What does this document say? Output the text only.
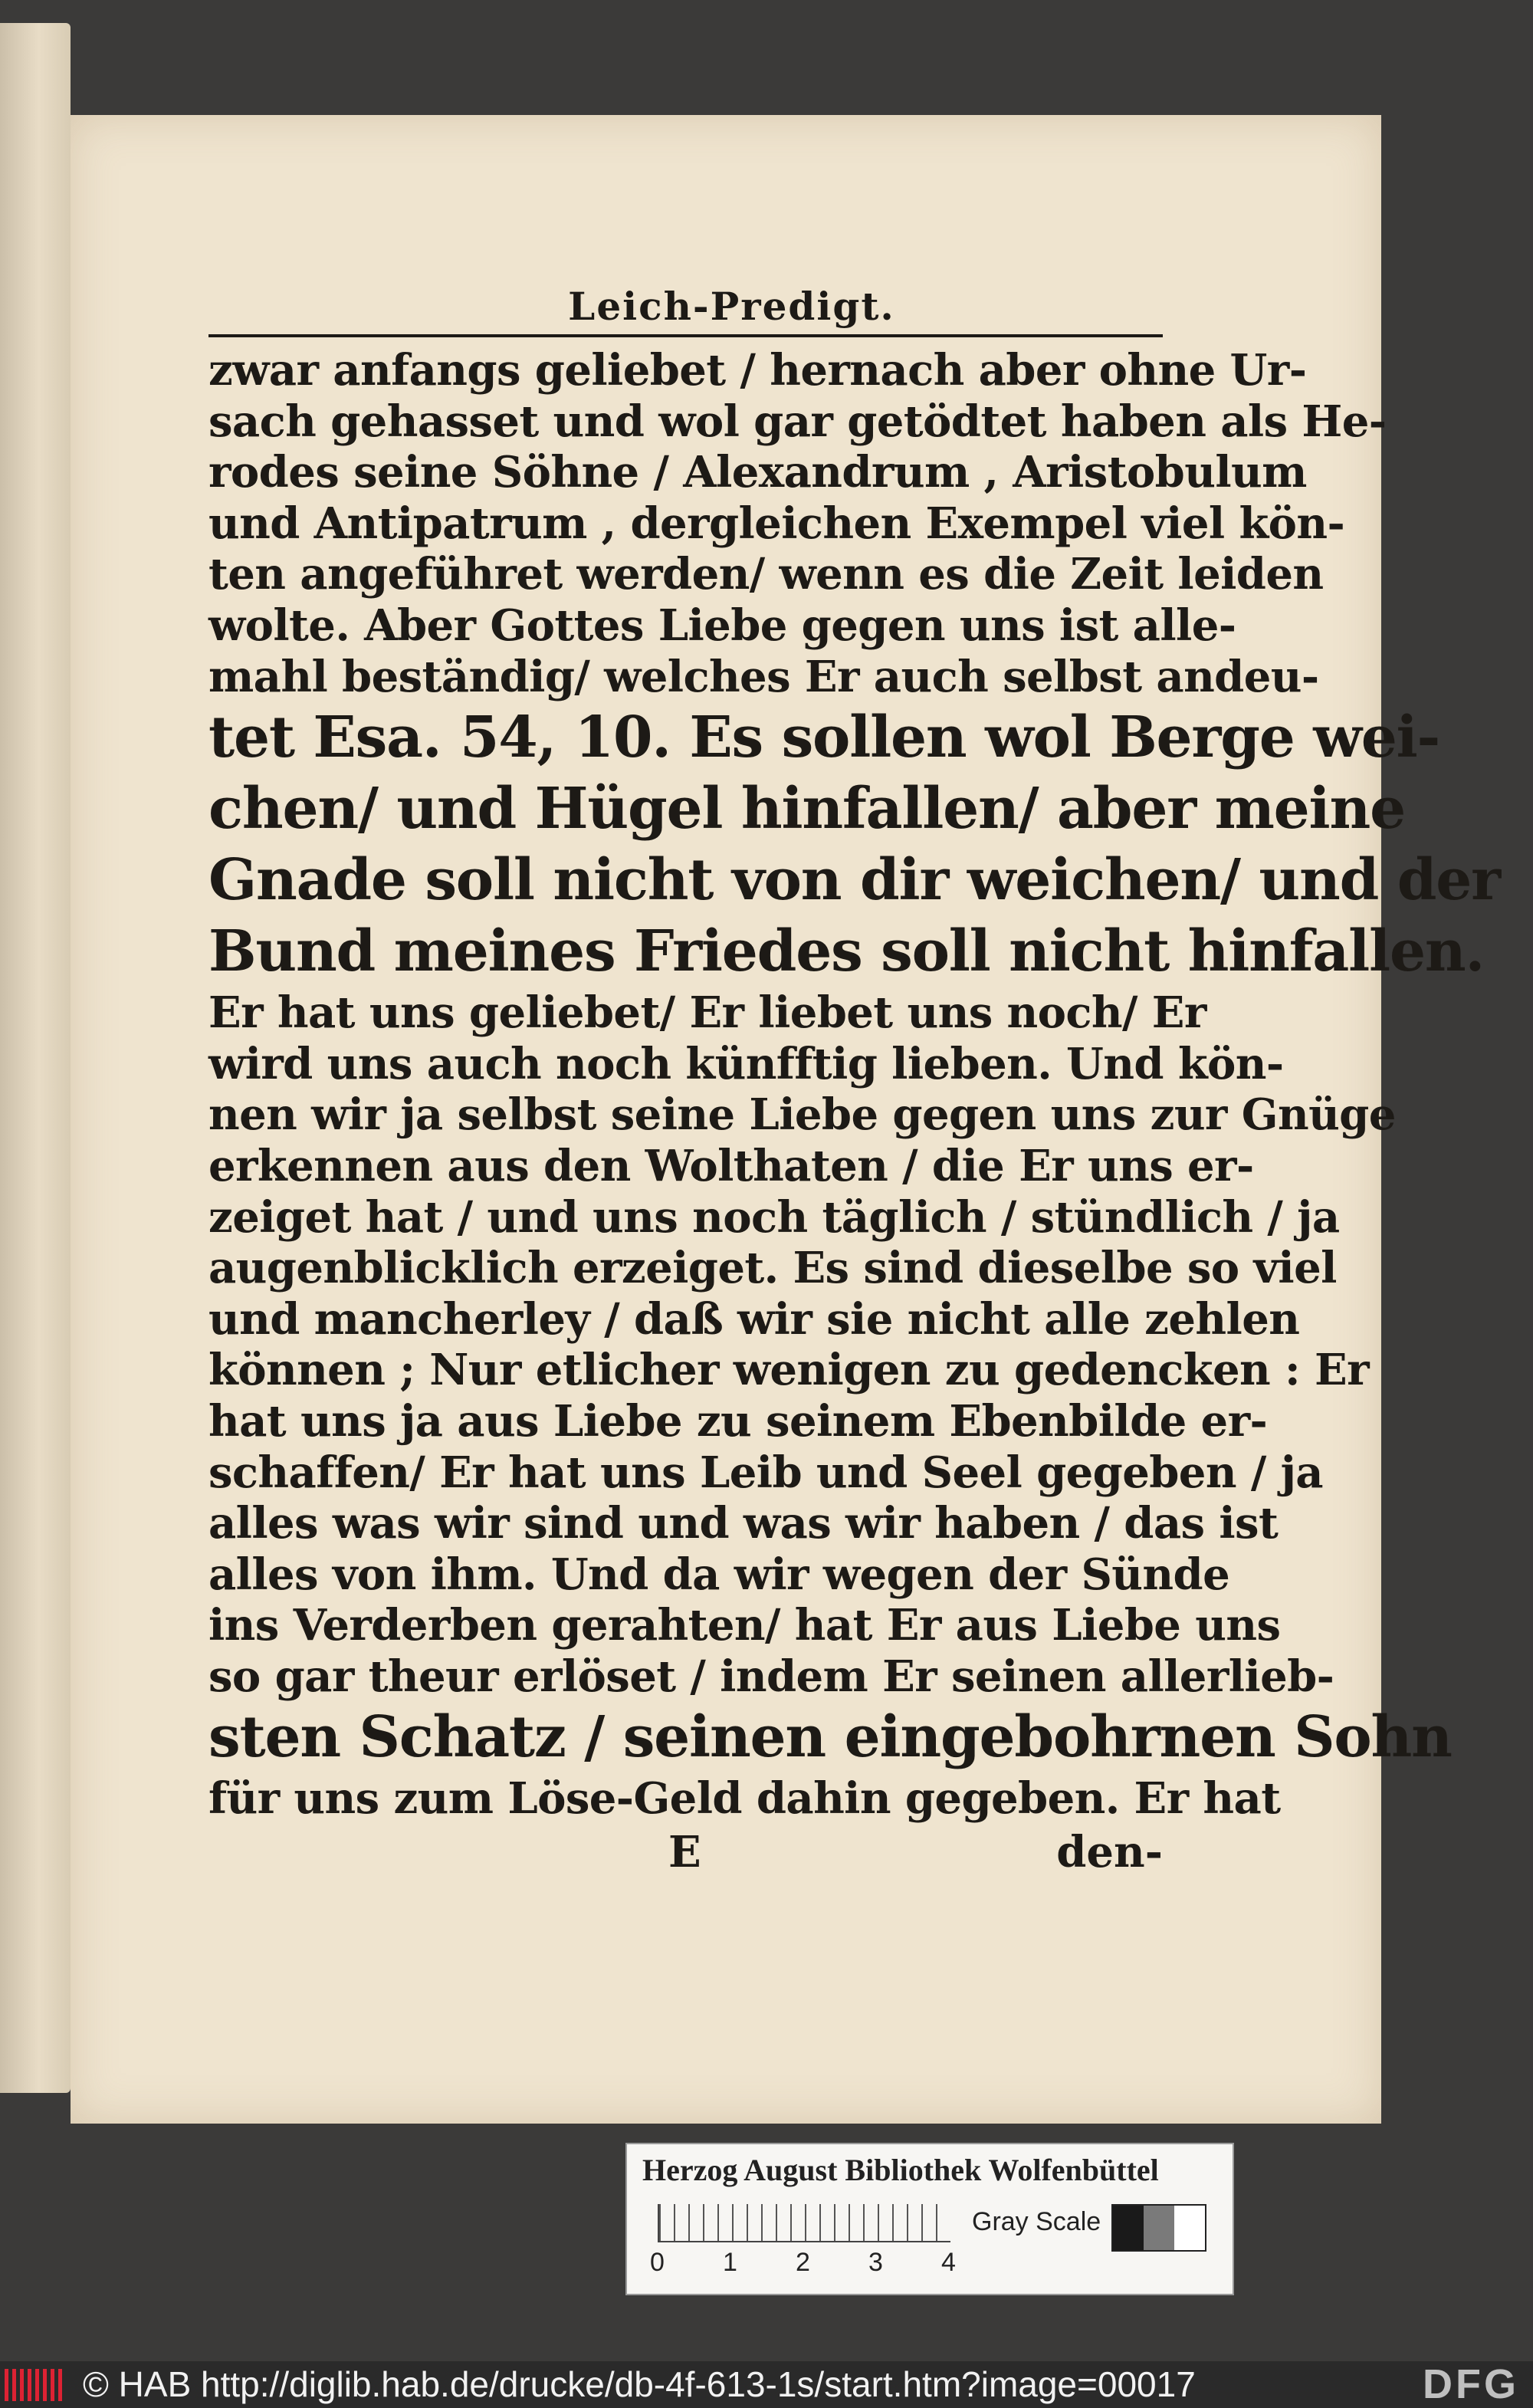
Leich-Predigt.
zwar anfangs geliebet / hernach aber ohne Ur-
sach gehasset und wol gar getödtet haben als He-
rodes seine Söhne / Alexandrum , Aristobulum
und Antipatrum , dergleichen Exempel viel kön-
ten angeführet werden/ wenn es die Zeit leiden
wolte. Aber Gottes Liebe gegen uns ist alle-
mahl beständig/ welches Er auch selbst andeu-
tet Esa. 54, 10. Es sollen wol Berge wei-
chen/ und Hügel hinfallen/ aber meine
Gnade soll nicht von dir weichen/ und der
Bund meines Friedes soll nicht hinfallen.
Er hat uns geliebet/ Er liebet uns noch/ Er
wird uns auch noch künfftig lieben. Und kön-
nen wir ja selbst seine Liebe gegen uns zur Gnüge
erkennen aus den Wolthaten / die Er uns er-
zeiget hat / und uns noch täglich / stündlich / ja
augenblicklich erzeiget. Es sind dieselbe so viel
und mancherley / daß wir sie nicht alle zehlen
können ; Nur etlicher wenigen zu gedencken : Er
hat uns ja aus Liebe zu seinem Ebenbilde er-
schaffen/ Er hat uns Leib und Seel gegeben / ja
alles was wir sind und was wir haben / das ist
alles von ihm. Und da wir wegen der Sünde
ins Verderben gerahten/ hat Er aus Liebe uns
so gar theur erlöset / indem Er seinen allerlieb-
sten Schatz / seinen eingebohrnen Sohn
für uns zum Löse-Geld dahin gegeben. Er hat
E	den-
Herzog August Bibliothek Wolfenbüttel
0 1 2 3 4
Gray Scale
© HAB http://diglib.hab.de/drucke/db-4f-613-1s/start.htm?image=00017	DFG
